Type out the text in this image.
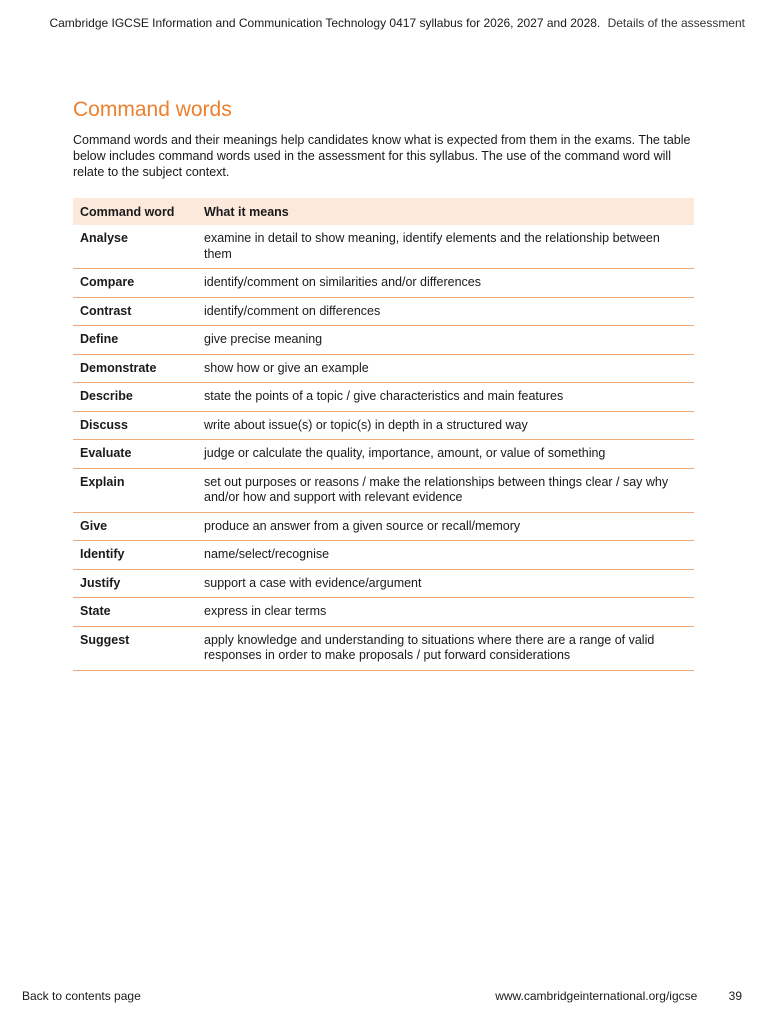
Cambridge IGCSE Information and Communication Technology 0417 syllabus for 2026, 2027 and 2028. Details of the assessment
Command words

Command words and their meanings help candidates know what is expected from them in the exams. The table below includes command words used in the assessment for this syllabus. The use of the command word will relate to the subject context.

Command word	What it means
Analyse	examine in detail to show meaning, identify elements and the relationship between them
Compare	identify/comment on similarities and/or differences
Contrast	identify/comment on differences
Define	give precise meaning
Demonstrate	show how or give an example
Describe	state the points of a topic / give characteristics and main features
Discuss	write about issue(s) or topic(s) in depth in a structured way
Evaluate	judge or calculate the quality, importance, amount, or value of something
Explain	set out purposes or reasons / make the relationships between things clear / say why and/or how and support with relevant evidence
Give	produce an answer from a given source or recall/memory
Identify	name/select/recognise
Justify	support a case with evidence/argument
State	express in clear terms
Suggest	apply knowledge and understanding to situations where there are a range of valid responses in order to make proposals / put forward considerations
Back to contents page	www.cambridgeinternational.org/igcse	39
